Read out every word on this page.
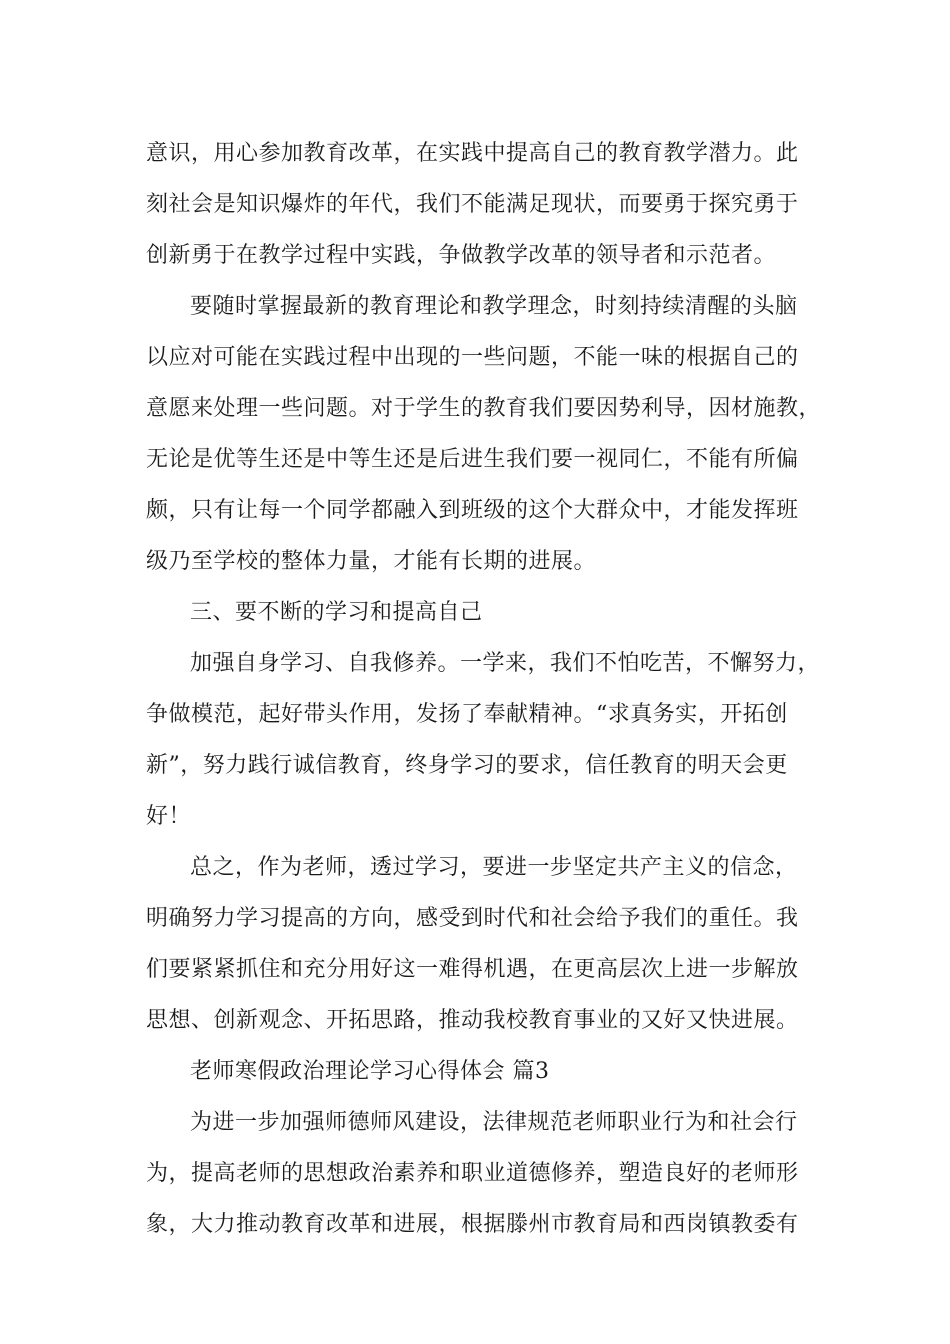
意识，用心参加教育改革，在实践中提高自己的教育教学潜力。此
刻社会是知识爆炸的年代，我们不能满足现状，而要勇于探究勇于
创新勇于在教学过程中实践，争做教学改革的领导者和示范者。
要随时掌握最新的教育理论和教学理念，时刻持续清醒的头脑
以应对可能在实践过程中出现的一些问题，不能一味的根据自己的
意愿来处理一些问题。对于学生的教育我们要因势利导，因材施教，
无论是优等生还是中等生还是后进生我们要一视同仁，不能有所偏
颇，只有让每一个同学都融入到班级的这个大群众中，才能发挥班
级乃至学校的整体力量，才能有长期的进展。
三、要不断的学习和提高自己
加强自身学习、自我修养。一学来，我们不怕吃苦，不懈努力，
争做模范，起好带头作用，发扬了奉献精神。“求真务实，开拓创
新”，努力践行诚信教育，终身学习的要求，信任教育的明天会更
好！
总之，作为老师，透过学习，要进一步坚定共产主义的信念，
明确努力学习提高的方向，感受到时代和社会给予我们的重任。我
们要紧紧抓住和充分用好这一难得机遇，在更高层次上进一步解放
思想、创新观念、开拓思路，推动我校教育事业的又好又快进展。
老师寒假政治理论学习心得体会 篇3
为进一步加强师德师风建设，法律规范老师职业行为和社会行
为，提高老师的思想政治素养和职业道德修养，塑造良好的老师形
象，大力推动教育改革和进展，根据滕州市教育局和西岗镇教委有
